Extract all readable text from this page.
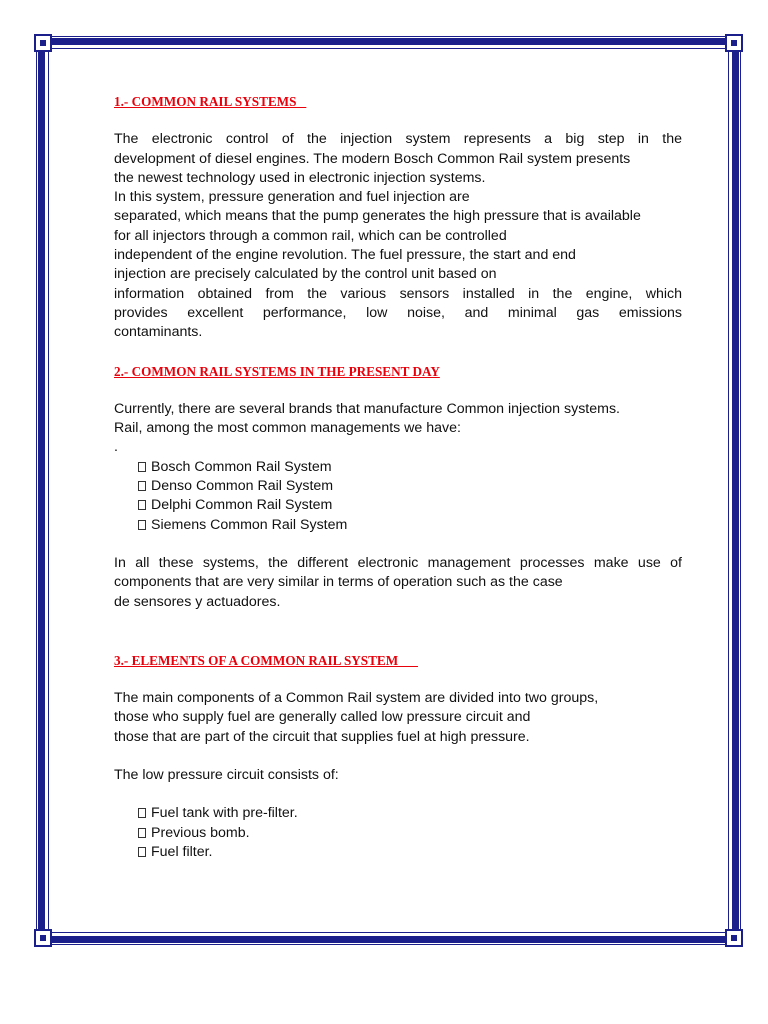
1.- COMMON RAIL SYSTEMS

The electronic control of the injection system represents a big step in the
development of diesel engines. The modern Bosch Common Rail system presents
the newest technology used in electronic injection systems.
In this system, pressure generation and fuel injection are
separated, which means that the pump generates the high pressure that is available
for all injectors through a common rail, which can be controlled
independent of the engine revolution. The fuel pressure, the start and end
injection are precisely calculated by the control unit based on
information obtained from the various sensors installed in the engine, which
provides excellent performance, low noise, and minimal gas emissions
contaminants.

2.- COMMON RAIL SYSTEMS IN THE PRESENT DAY

Currently, there are several brands that manufacture Common injection systems.
Rail, among the most common managements we have:
.
Bosch Common Rail System
Denso Common Rail System
Delphi Common Rail System
Siemens Common Rail System
In all these systems, the different electronic management processes make use of
components that are very similar in terms of operation such as the case
de sensores y actuadores.

3.- ELEMENTS OF A COMMON RAIL SYSTEM

The main components of a Common Rail system are divided into two groups,
those who supply fuel are generally called low pressure circuit and
those that are part of the circuit that supplies fuel at high pressure.

The low pressure circuit consists of:

Fuel tank with pre-filter.
Previous bomb.
Fuel filter.
